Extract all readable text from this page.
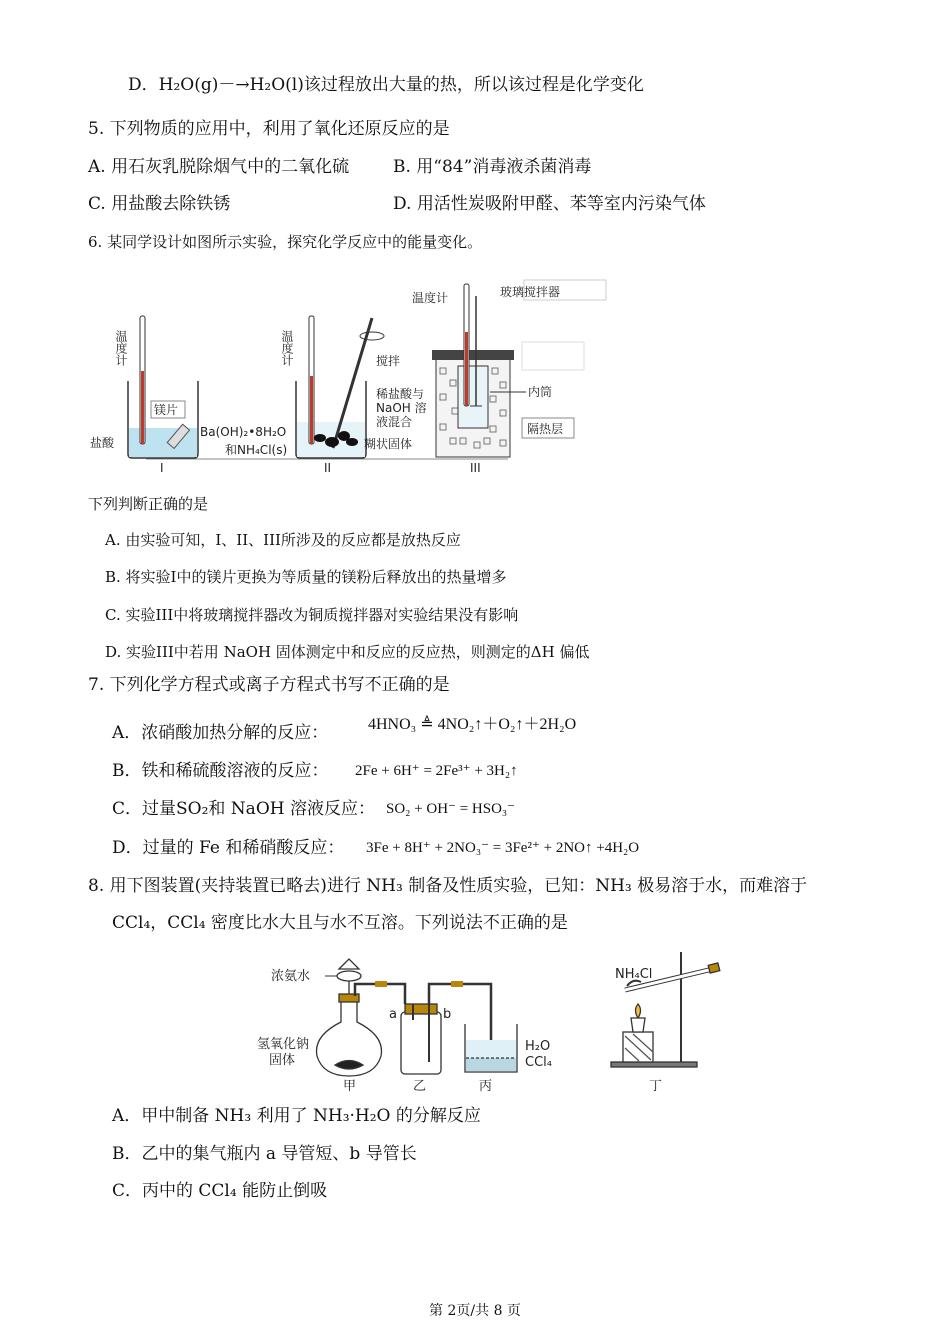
D．H₂O(g)－→H₂O(l)该过程放出大量的热，所以该过程是化学变化
5. 下列物质的应用中，利用了氧化还原反应的是
A. 用石灰乳脱除烟气中的二氧化硫	B. 用“84”消毒液杀菌消毒
C. 用盐酸去除铁锈	D. 用活性炭吸附甲醛、苯等室内污染气体
6. 某同学设计如图所示实验，探究化学反应中的能量变化。
温度计
镁片
盐酸
I
温度计	搅拌
Ba(OH)₂•8H₂O
和NH₄Cl(s)	糊状固体
II
温度计	玻璃搅拌器
稀盐酸与
NaOH 溶
液混合
内筒
隔热层
III
下列判断正确的是
A. 由实验可知，I、II、III所涉及的反应都是放热反应
B. 将实验I中的镁片更换为等质量的镁粉后释放出的热量增多
C. 实验III中将玻璃搅拌器改为铜质搅拌器对实验结果没有影响
D. 实验III中若用 NaOH 固体测定中和反应的反应热，则测定的ΔH 偏低
7. 下列化学方程式或离子方程式书写不正确的是
A．浓硝酸加热分解的反应： 4HNO₃ ≜ 4NO₂↑＋O₂↑＋2H₂O
B．铁和稀硫酸溶液的反应： 2Fe + 6H⁺ = 2Fe³⁺ + 3H₂↑
C．过量SO₂和 NaOH 溶液反应： SO₂ + OH⁻ = HSO₃⁻
D．过量的 Fe 和稀硝酸反应： 3Fe + 8H⁺ + 2NO₃⁻ = 3Fe²⁺ + 2NO↑ +4H₂O
8. 用下图装置(夹持装置已略去)进行 NH₃ 制备及性质实验，已知：NH₃ 极易溶于水，而难溶于
CCl₄，CCl₄ 密度比水大且与水不互溶。下列说法不正确的是
浓氨水
氢氧化钠
固体
甲
a	b
乙
H₂O
CCl₄
丙
NH₄Cl
丁
A．甲中制备 NH₃ 利用了 NH₃·H₂O 的分解反应
B．乙中的集气瓶内 a 导管短、b 导管长
C．丙中的 CCl₄ 能防止倒吸
第 2页/共 8 页
